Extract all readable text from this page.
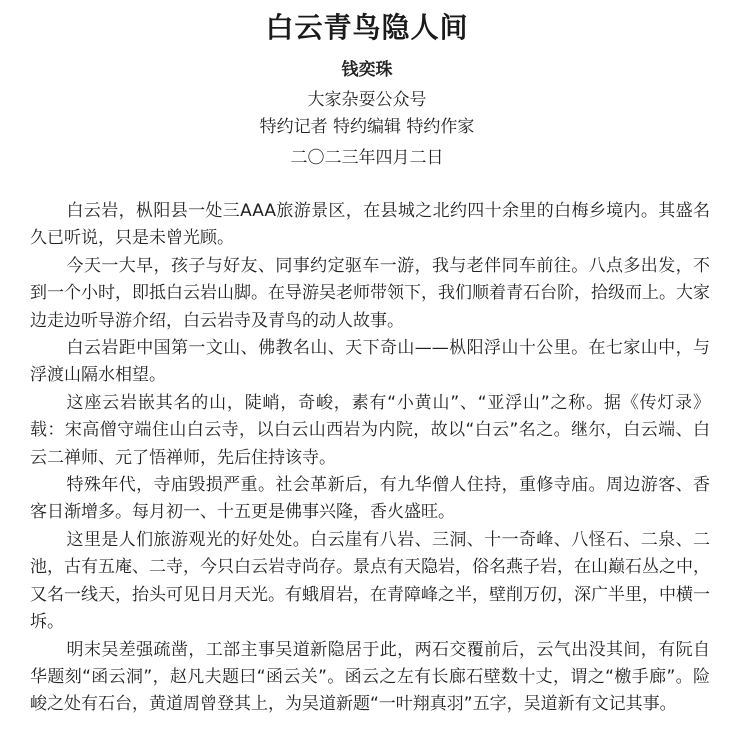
白云青鸟隐人间
钱奕珠
大家杂耍公众号
特约记者 特约编辑 特约作家
二〇二三年四月二日

白云岩，枞阳县一处三AAA旅游景区，在县城之北约四十余里的白梅乡境内。其盛名久已听说，只是未曾光顾。

今天一大早，孩子与好友、同事约定驱车一游，我与老伴同车前往。八点多出发，不到一个小时，即抵白云岩山脚。在导游吴老师带领下，我们顺着青石台阶，拾级而上。大家边走边听导游介绍，白云岩寺及青鸟的动人故事。

白云岩距中国第一文山、佛教名山、天下奇山——枞阳浮山十公里。在七家山中，与浮渡山隔水相望。

这座云岩嵌其名的山，陡峭，奇峻，素有“小黄山”、“亚浮山”之称。据《传灯录》载：宋高僧守端住山白云寺，以白云山西岩为内院，故以“白云”名之。继尔，白云端、白云二禅师、元了悟禅师，先后住持该寺。

特殊年代，寺庙毁损严重。社会革新后，有九华僧人住持，重修寺庙。周边游客、香客日渐增多。每月初一、十五更是佛事兴隆，香火盛旺。

这里是人们旅游观光的好处处。白云崖有八岩、三洞、十一奇峰、八怪石、二泉、二池，古有五庵、二寺，今只白云岩寺尚存。景点有天隐岩，俗名燕子岩，在山巅石丛之中，又名一线天，抬头可见日月天光。有蛾眉岩，在青障峰之半，壁削万仞，深广半里，中横一坼。

明末吴差强疏凿，工部主事吴道新隐居于此，两石交覆前后，云气出没其间，有阮自华题刻“函云洞”，赵凡夫题曰“函云关”。函云之左有长廊石壁数十丈，谓之“檄手廊”。险峻之处有石台，黄道周曾登其上，为吴道新题“一叶翔真羽”五字，吴道新有文记其事。
